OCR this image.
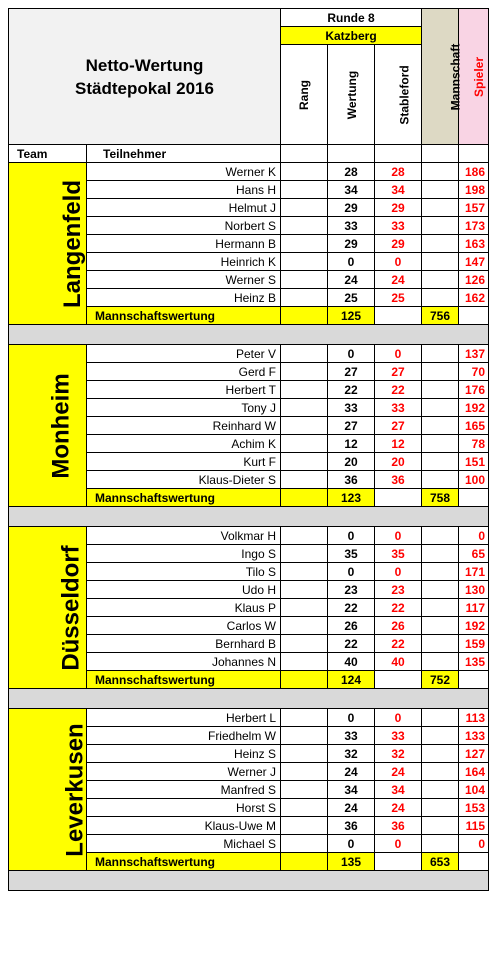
Netto-Wertung
Städtepokal 2016		Runde 8			Mannschaft	Spieler
		Katzberg				
		Rang	Wertung	Stableford		
Team	Teilnehmer					
Langenfeld	Werner K		28	28		186
	Hans H		34	34		198
	Helmut J		29	29		157
	Norbert S		33	33		173
	Hermann B		29	29		163
	Heinrich K		0	0		147
	Werner S		24	24		126
	Heinz B		25	25		162
	Mannschaftswertung		125		756	

Monheim	Peter V		0	0		137
	Gerd F		27	27		70
	Herbert T		22	22		176
	Tony J		33	33		192
	Reinhard W		27	27		165
	Achim K		12	12		78
	Kurt F		20	20		151
	Klaus-Dieter S		36	36		100
	Mannschaftswertung		123		758	

Düsseldorf	Volkmar H		0	0		0
	Ingo S		35	35		65
	Tilo S		0	0		171
	Udo H		23	23		130
	Klaus P		22	22		117
	Carlos W		26	26		192
	Bernhard B		22	22		159
	Johannes N		40	40		135
	Mannschaftswertung		124		752	

Leverkusen	Herbert L		0	0		113
	Friedhelm W		33	33		133
	Heinz S		32	32		127
	Werner J		24	24		164
	Manfred S		34	34		104
	Horst S		24	24		153
	Klaus-Uwe M		36	36		115
	Michael S		0	0		0
	Mannschaftswertung		135		653	
